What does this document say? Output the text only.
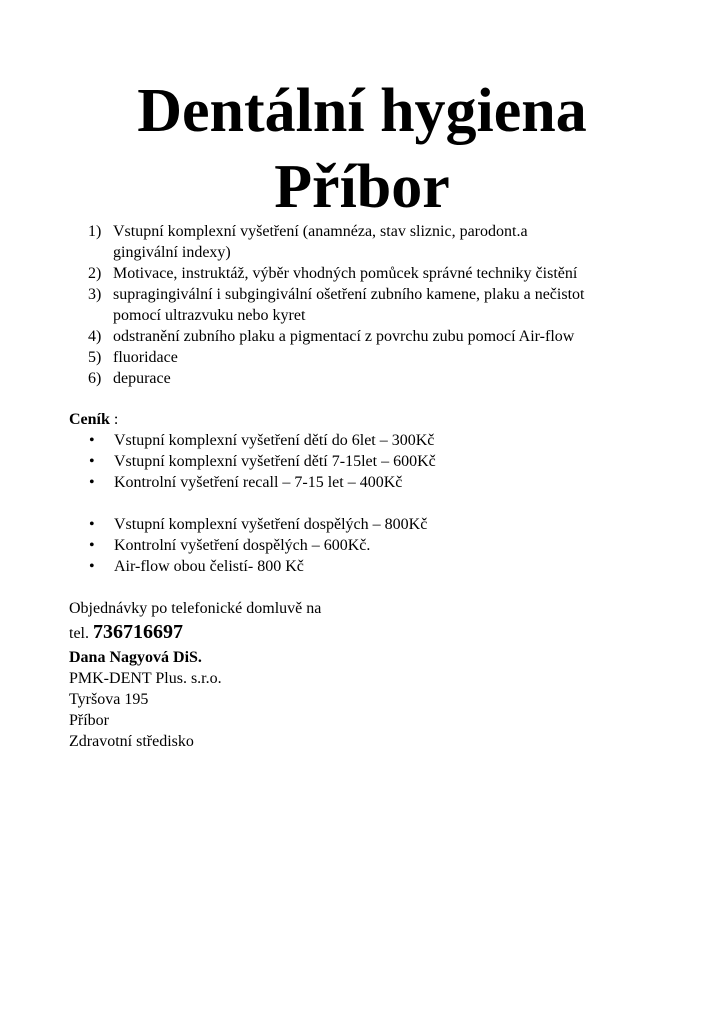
Dentální hygiena
Příbor
1) Vstupní komplexní vyšetření (anamnéza, stav sliznic, parodont.a
gingivální indexy)
2) Motivace, instruktáž, výběr vhodných pomůcek správné techniky čistění
3) supragingivální i subgingivální ošetření zubního kamene, plaku a nečistot
pomocí ultrazvuku nebo kyret
4) odstranění zubního plaku a pigmentací z povrchu zubu pomocí Air-flow
5) fluoridace
6) depurace

Ceník :

• Vstupní komplexní vyšetření dětí do 6let – 300Kč
• Vstupní komplexní vyšetření dětí 7-15let – 600Kč
• Kontrolní vyšetření recall – 7-15 let – 400Kč
• Vstupní komplexní vyšetření dospělých – 800Kč
• Kontrolní vyšetření dospělých – 600Kč.
• Air-flow obou čelistí- 800 Kč
Objednávky po telefonické domluvě na
tel. 736716697
Dana Nagyová DiS.
PMK-DENT Plus. s.r.o.
Tyršova 195
Příbor
Zdravotní středisko
